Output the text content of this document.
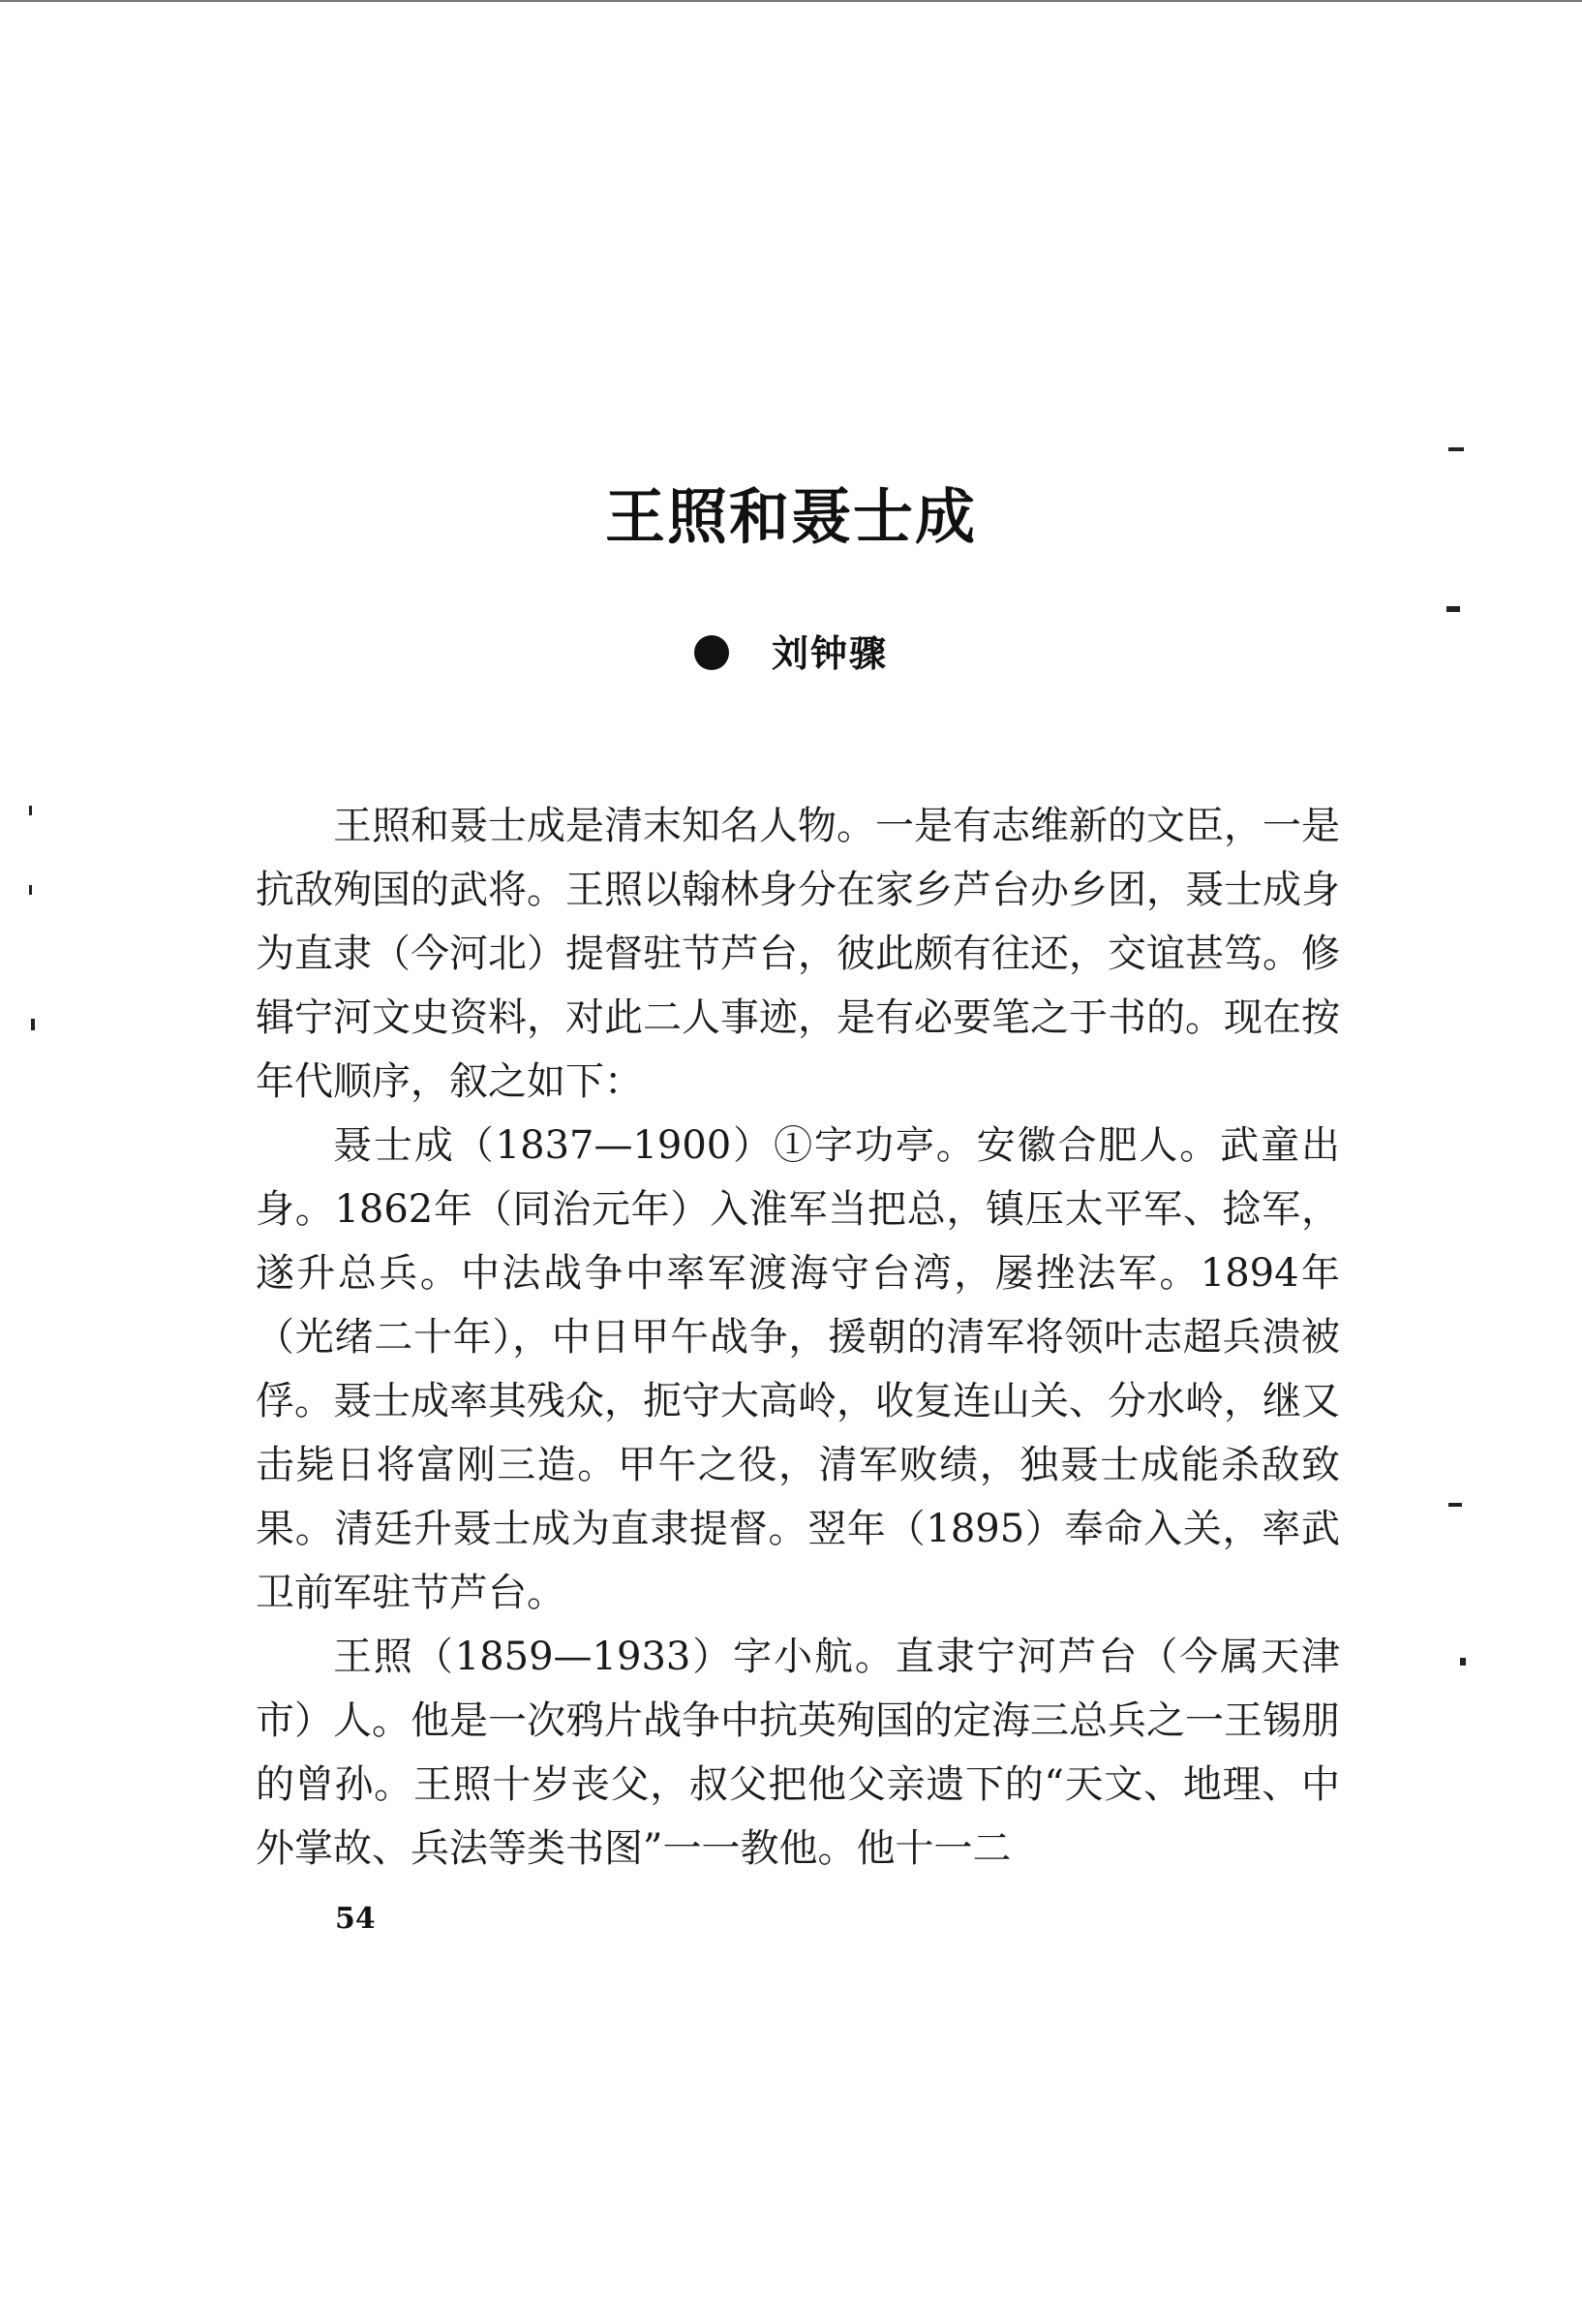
王照和聂士成
刘钟骤

王照和聂士成是清末知名人物。一是有志维新的文臣，一是抗敌殉国的武将。王照以翰林身分在家乡芦台办乡团，聂士成身为直隶（今河北）提督驻节芦台，彼此颇有往还，交谊甚笃。修辑宁河文史资料，对此二人事迹，是有必要笔之于书的。现在按年代顺序，叙之如下：

聂士成（1837—1900）①字功亭。安徽合肥人。武童出身。1862年（同治元年）入淮军当把总，镇压太平军、捻军，遂升总兵。中法战争中率军渡海守台湾，屡挫法军。1894年（光绪二十年），中日甲午战争，援朝的清军将领叶志超兵溃被俘。聂士成率其残众，扼守大高岭，收复连山关、分水岭，继又击毙日将富刚三造。甲午之役，清军败绩，独聂士成能杀敌致果。清廷升聂士成为直隶提督。翌年（1895）奉命入关，率武卫前军驻节芦台。

王照（1859—1933）字小航。直隶宁河芦台（今属天津市）人。他是一次鸦片战争中抗英殉国的定海三总兵之一王锡朋的曾孙。王照十岁丧父，叔父把他父亲遗下的“天文、地理、中外掌故、兵法等类书图”一一教他。他十一二

54
